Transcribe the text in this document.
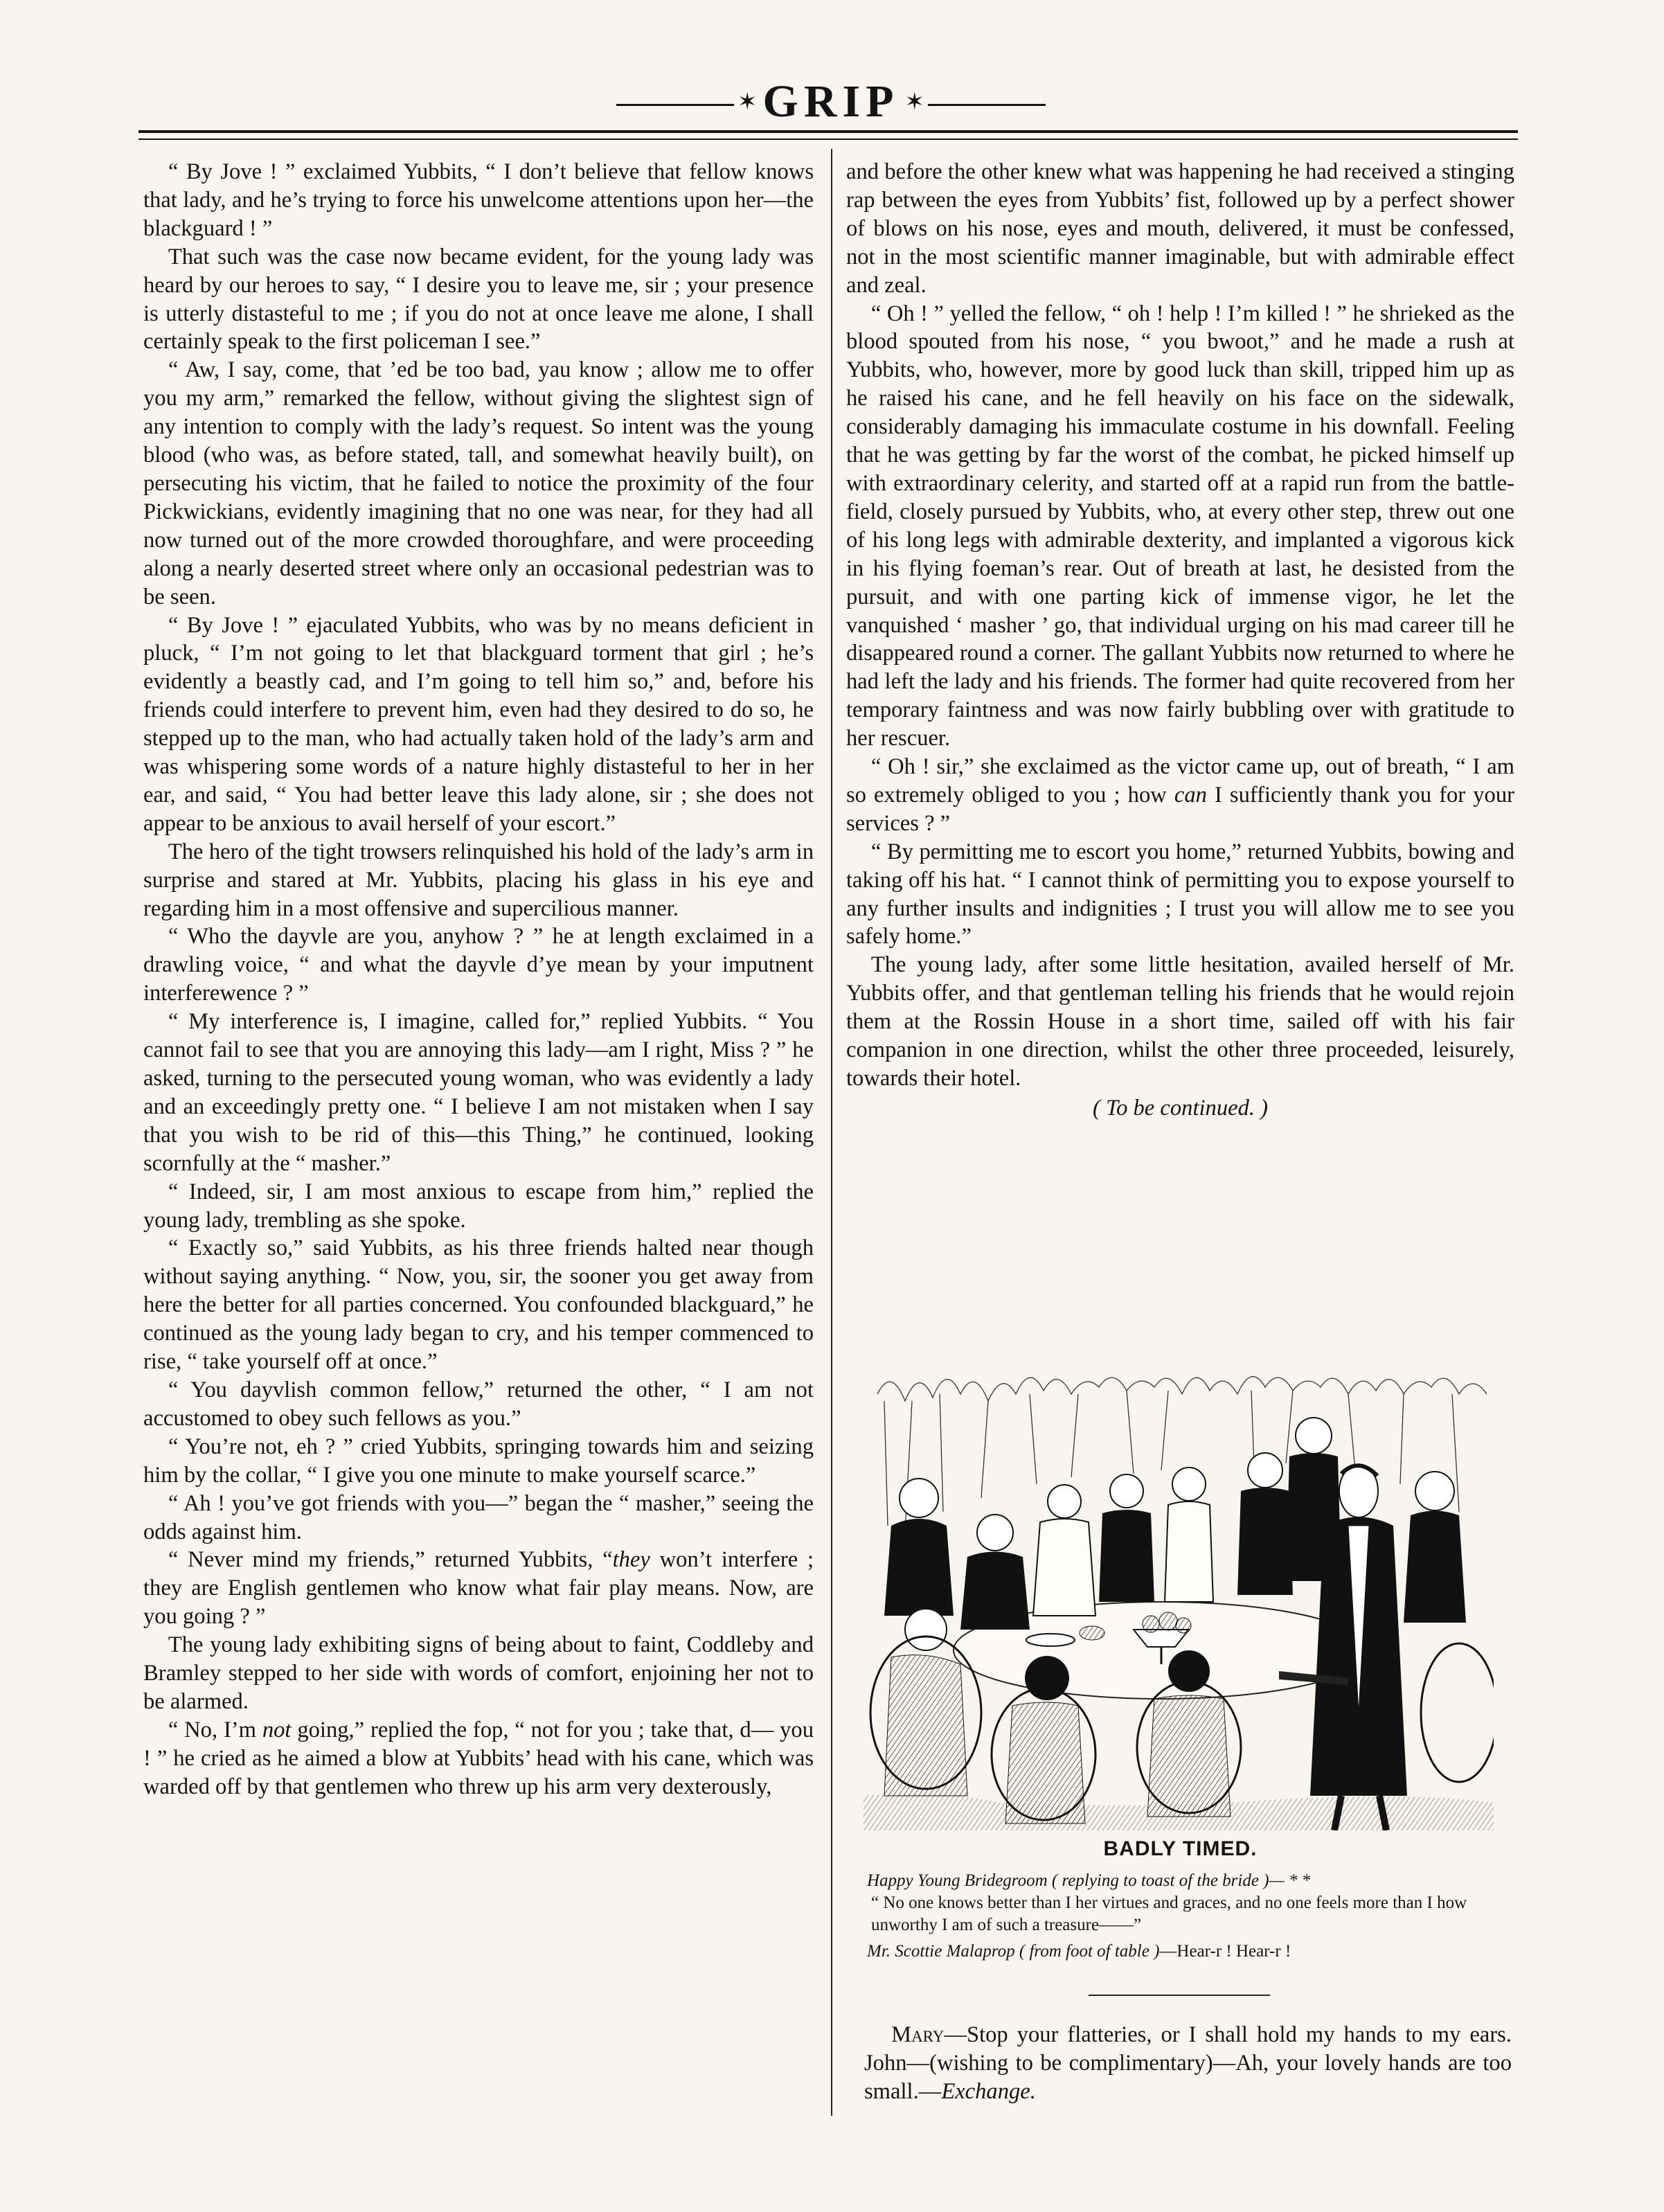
✶ GRIP ✶

“ By Jove ! ” exclaimed Yubbits, “ I don’t believe that fellow knows that lady, and he’s trying to force his unwelcome attentions upon her—the blackguard ! ”

That such was the case now became evident, for the young lady was heard by our heroes to say, “ I desire you to leave me, sir ; your presence is utterly distasteful to me ; if you do not at once leave me alone, I shall certainly speak to the first policeman I see.”

“ Aw, I say, come, that ’ed be too bad, yau know ; allow me to offer you my arm,” remarked the fellow, without giving the slightest sign of any intention to comply with the lady’s request. So intent was the young blood (who was, as before stated, tall, and somewhat heavily built), on persecuting his victim, that he failed to notice the proximity of the four Pickwickians, evidently imagining that no one was near, for they had all now turned out of the more crowded thoroughfare, and were proceeding along a nearly deserted street where only an occasional pedestrian was to be seen.

“ By Jove ! ” ejaculated Yubbits, who was by no means deficient in pluck, “ I’m not going to let that blackguard torment that girl ; he’s evidently a beastly cad, and I’m going to tell him so,” and, before his friends could interfere to prevent him, even had they desired to do so, he stepped up to the man, who had actually taken hold of the lady’s arm and was whispering some words of a nature highly distasteful to her in her ear, and said, “ You had better leave this lady alone, sir ; she does not appear to be anxious to avail herself of your escort.”

The hero of the tight trowsers relinquished his hold of the lady’s arm in surprise and stared at Mr. Yubbits, placing his glass in his eye and regarding him in a most offensive and supercilious manner.

“ Who the dayvle are you, anyhow ? ” he at length exclaimed in a drawling voice, “ and what the dayvle d’ye mean by your imputnent interferewence ? ”

“ My interference is, I imagine, called for,” replied Yubbits. “ You cannot fail to see that you are annoying this lady—am I right, Miss ? ” he asked, turning to the persecuted young woman, who was evidently a lady and an exceedingly pretty one. “ I believe I am not mistaken when I say that you wish to be rid of this—this Thing,” he continued, looking scornfully at the “ masher.”

“ Indeed, sir, I am most anxious to escape from him,” replied the young lady, trembling as she spoke.

“ Exactly so,” said Yubbits, as his three friends halted near though without saying anything. “ Now, you, sir, the sooner you get away from here the better for all parties concerned. You confounded blackguard,” he continued as the young lady began to cry, and his temper commenced to rise, “ take yourself off at once.”

“ You dayvlish common fellow,” returned the other, “ I am not accustomed to obey such fellows as you.”

“ You’re not, eh ? ” cried Yubbits, springing towards him and seizing him by the collar, “ I give you one minute to make yourself scarce.”

“ Ah ! you’ve got friends with you—” began the “ masher,” seeing the odds against him.

“ Never mind my friends,” returned Yubbits, “they won’t interfere ; they are English gentlemen who know what fair play means. Now, are you going ? ”

The young lady exhibiting signs of being about to faint, Coddleby and Bramley stepped to her side with words of comfort, enjoining her not to be alarmed.

“ No, I’m not going,” replied the fop, “ not for you ; take that, d— you ! ” he cried as he aimed a blow at Yubbits’ head with his cane, which was warded off by that gentlemen who threw up his arm very dexterously,

and before the other knew what was happening he had received a stinging rap between the eyes from Yubbits’ fist, followed up by a perfect shower of blows on his nose, eyes and mouth, delivered, it must be confessed, not in the most scientific manner imaginable, but with admirable effect and zeal.

“ Oh ! ” yelled the fellow, “ oh ! help ! I’m killed ! ” he shrieked as the blood spouted from his nose, “ you bwoot,” and he made a rush at Yubbits, who, however, more by good luck than skill, tripped him up as he raised his cane, and he fell heavily on his face on the sidewalk, considerably damaging his immaculate costume in his downfall. Feeling that he was getting by far the worst of the combat, he picked himself up with extraordinary celerity, and started off at a rapid run from the battle-field, closely pursued by Yubbits, who, at every other step, threw out one of his long legs with admirable dexterity, and implanted a vigorous kick in his flying foeman’s rear. Out of breath at last, he desisted from the pursuit, and with one parting kick of immense vigor, he let the vanquished ‘ masher ’ go, that individual urging on his mad career till he disappeared round a corner. The gallant Yubbits now returned to where he had left the lady and his friends. The former had quite recovered from her temporary faintness and was now fairly bubbling over with gratitude to her rescuer.

“ Oh ! sir,” she exclaimed as the victor came up, out of breath, “ I am so extremely obliged to you ; how can I sufficiently thank you for your services ? ”

“ By permitting me to escort you home,” returned Yubbits, bowing and taking off his hat. “ I cannot think of permitting you to expose yourself to any further insults and indignities ; I trust you will allow me to see you safely home.”

The young lady, after some little hesitation, availed herself of Mr. Yubbits offer, and that gentleman telling his friends that he would rejoin them at the Rossin House in a short time, sailed off with his fair companion in one direction, whilst the other three proceeded, leisurely, towards their hotel.

( To be continued. )

BADLY TIMED.
Happy Young Bridegroom ( replying to toast of the bride )— * *
“ No one knows better than I her virtues and graces, and no one feels more than I how unworthy I am of such a treasure——”
Mr. Scottie Malaprop ( from foot of table )—Hear-r ! Hear-r !
Mary—Stop your flatteries, or I shall hold my hands to my ears. John—(wishing to be complimentary)—Ah, your lovely hands are too small.—Exchange.
